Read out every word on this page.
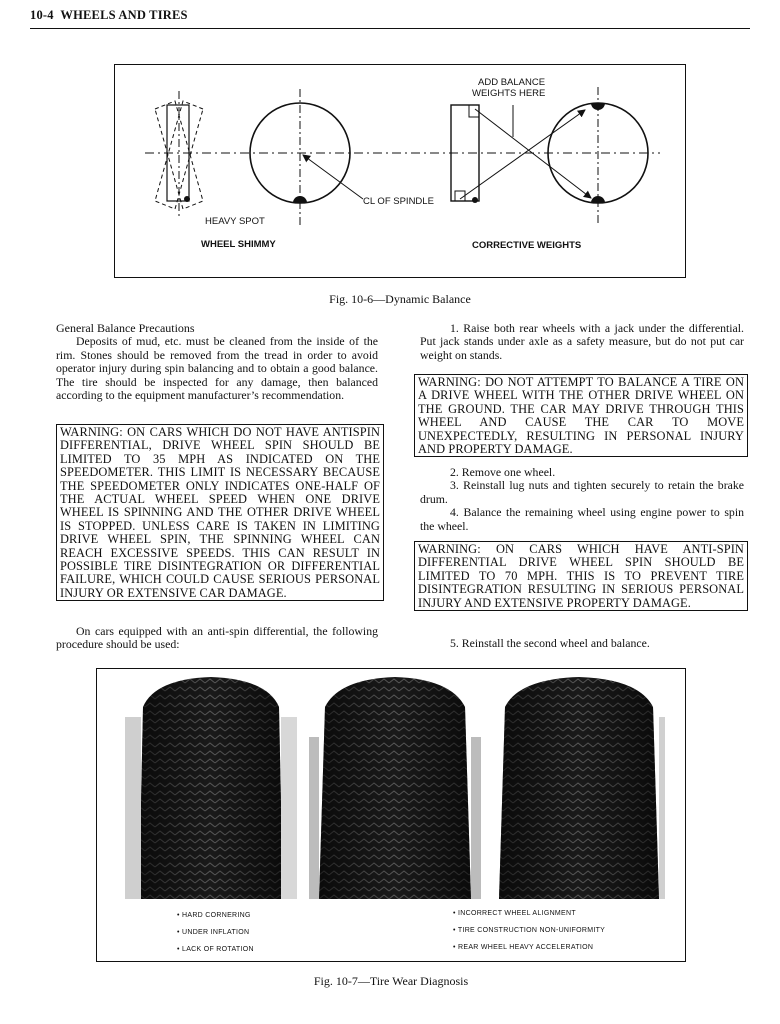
10-4 WHEELS AND TIRES
ADD BALANCE
WEIGHTS HERE
CL OF SPINDLE
HEAVY SPOT
WHEEL SHIMMY	CORRECTIVE WEIGHTS
Fig. 10-6—Dynamic Balance

General Balance Precautions

Deposits of mud, etc. must be cleaned from the inside of the rim. Stones should be removed from the tread in order to avoid operator injury during spin balancing and to obtain a good balance. The tire should be inspected for any damage, then balanced according to the equipment manufacturer’s recommendation.

WARNING: ON CARS WHICH DO NOT HAVE ANTISPIN DIFFERENTIAL, DRIVE WHEEL SPIN SHOULD BE LIMITED TO 35 MPH AS INDICATED ON THE SPEEDOMETER. THIS LIMIT IS NECESSARY BECAUSE THE SPEEDOMETER ONLY INDICATES ONE-HALF OF THE ACTUAL WHEEL SPEED WHEN ONE DRIVE WHEEL IS SPINNING AND THE OTHER DRIVE WHEEL IS STOPPED. UNLESS CARE IS TAKEN IN LIMITING DRIVE WHEEL SPIN, THE SPINNING WHEEL CAN REACH EXCESSIVE SPEEDS. THIS CAN RESULT IN POSSIBLE TIRE DISINTEGRATION OR DIFFERENTIAL FAILURE, WHICH COULD CAUSE SERIOUS PERSONAL INJURY OR EXTENSIVE CAR DAMAGE.

On cars equipped with an anti-spin differential, the following procedure should be used:

1. Raise both rear wheels with a jack under the differential. Put jack stands under axle as a safety measure, but do not put car weight on stands.

WARNING: DO NOT ATTEMPT TO BALANCE A TIRE ON A DRIVE WHEEL WITH THE OTHER DRIVE WHEEL ON THE GROUND. THE CAR MAY DRIVE THROUGH THIS WHEEL AND CAUSE THE CAR TO MOVE UNEXPECTEDLY, RESULTING IN PERSONAL INJURY AND PROPERTY DAMAGE.

2. Remove one wheel.

3. Reinstall lug nuts and tighten securely to retain the brake drum.

4. Balance the remaining wheel using engine power to spin the wheel.

WARNING: ON CARS WHICH HAVE ANTI-SPIN DIFFERENTIAL DRIVE WHEEL SPIN SHOULD BE LIMITED TO 70 MPH. THIS IS TO PREVENT TIRE DISINTEGRATION RESULTING IN SERIOUS PERSONAL INJURY AND EXTENSIVE PROPERTY DAMAGE.

5. Reinstall the second wheel and balance.

• HARD CORNERING
• UNDER INFLATION
• LACK OF ROTATION
• INCORRECT WHEEL ALIGNMENT
• TIRE CONSTRUCTION NON-UNIFORMITY
• REAR WHEEL HEAVY ACCELERATION
Fig. 10-7—Tire Wear Diagnosis
